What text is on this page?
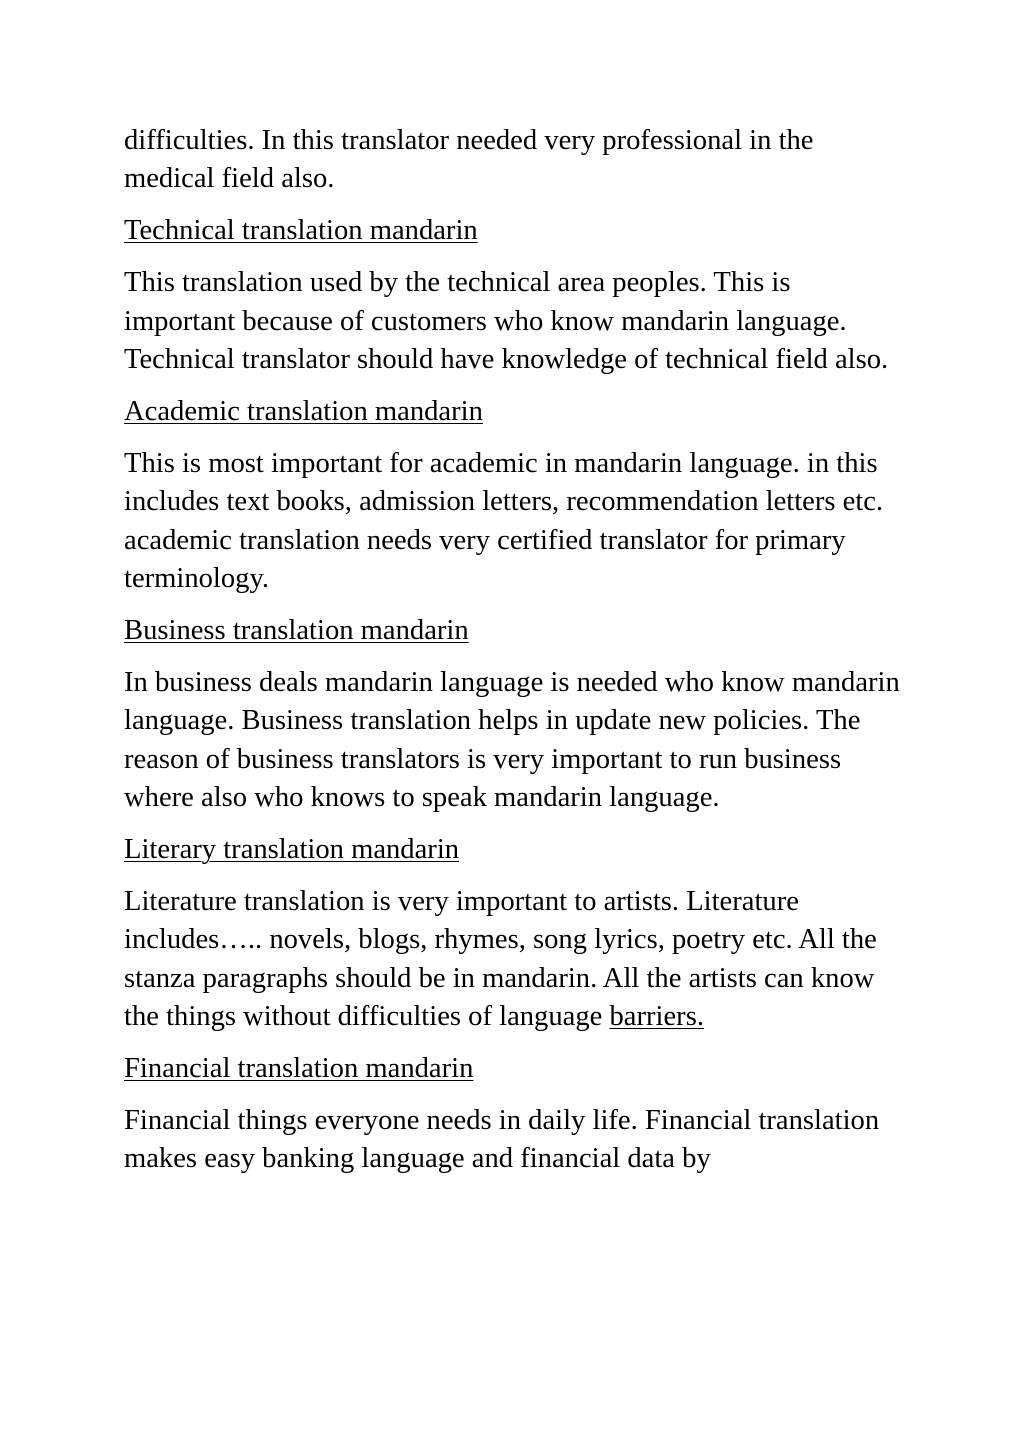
difficulties. In this translator needed very professional in the medical field also.

Technical translation mandarin

This translation used by the technical area peoples. This is important because of customers who know mandarin language. Technical translator should have knowledge of technical field also.

Academic translation mandarin

This is most important for academic in mandarin language. in this includes text books, admission letters, recommendation letters etc. academic translation needs very certified translator for primary terminology.

Business translation mandarin

In business deals mandarin language is needed who know mandarin language. Business translation helps in update new policies. The reason of business translators is very important to run business where also who knows to speak mandarin language.

Literary translation mandarin

Literature translation is very important to artists. Literature includes….. novels, blogs, rhymes, song lyrics, poetry etc. All the stanza paragraphs should be in mandarin. All the artists can know the things without difficulties of language barriers.

Financial translation mandarin

Financial things everyone needs in daily life. Financial translation makes easy banking language and financial data by
